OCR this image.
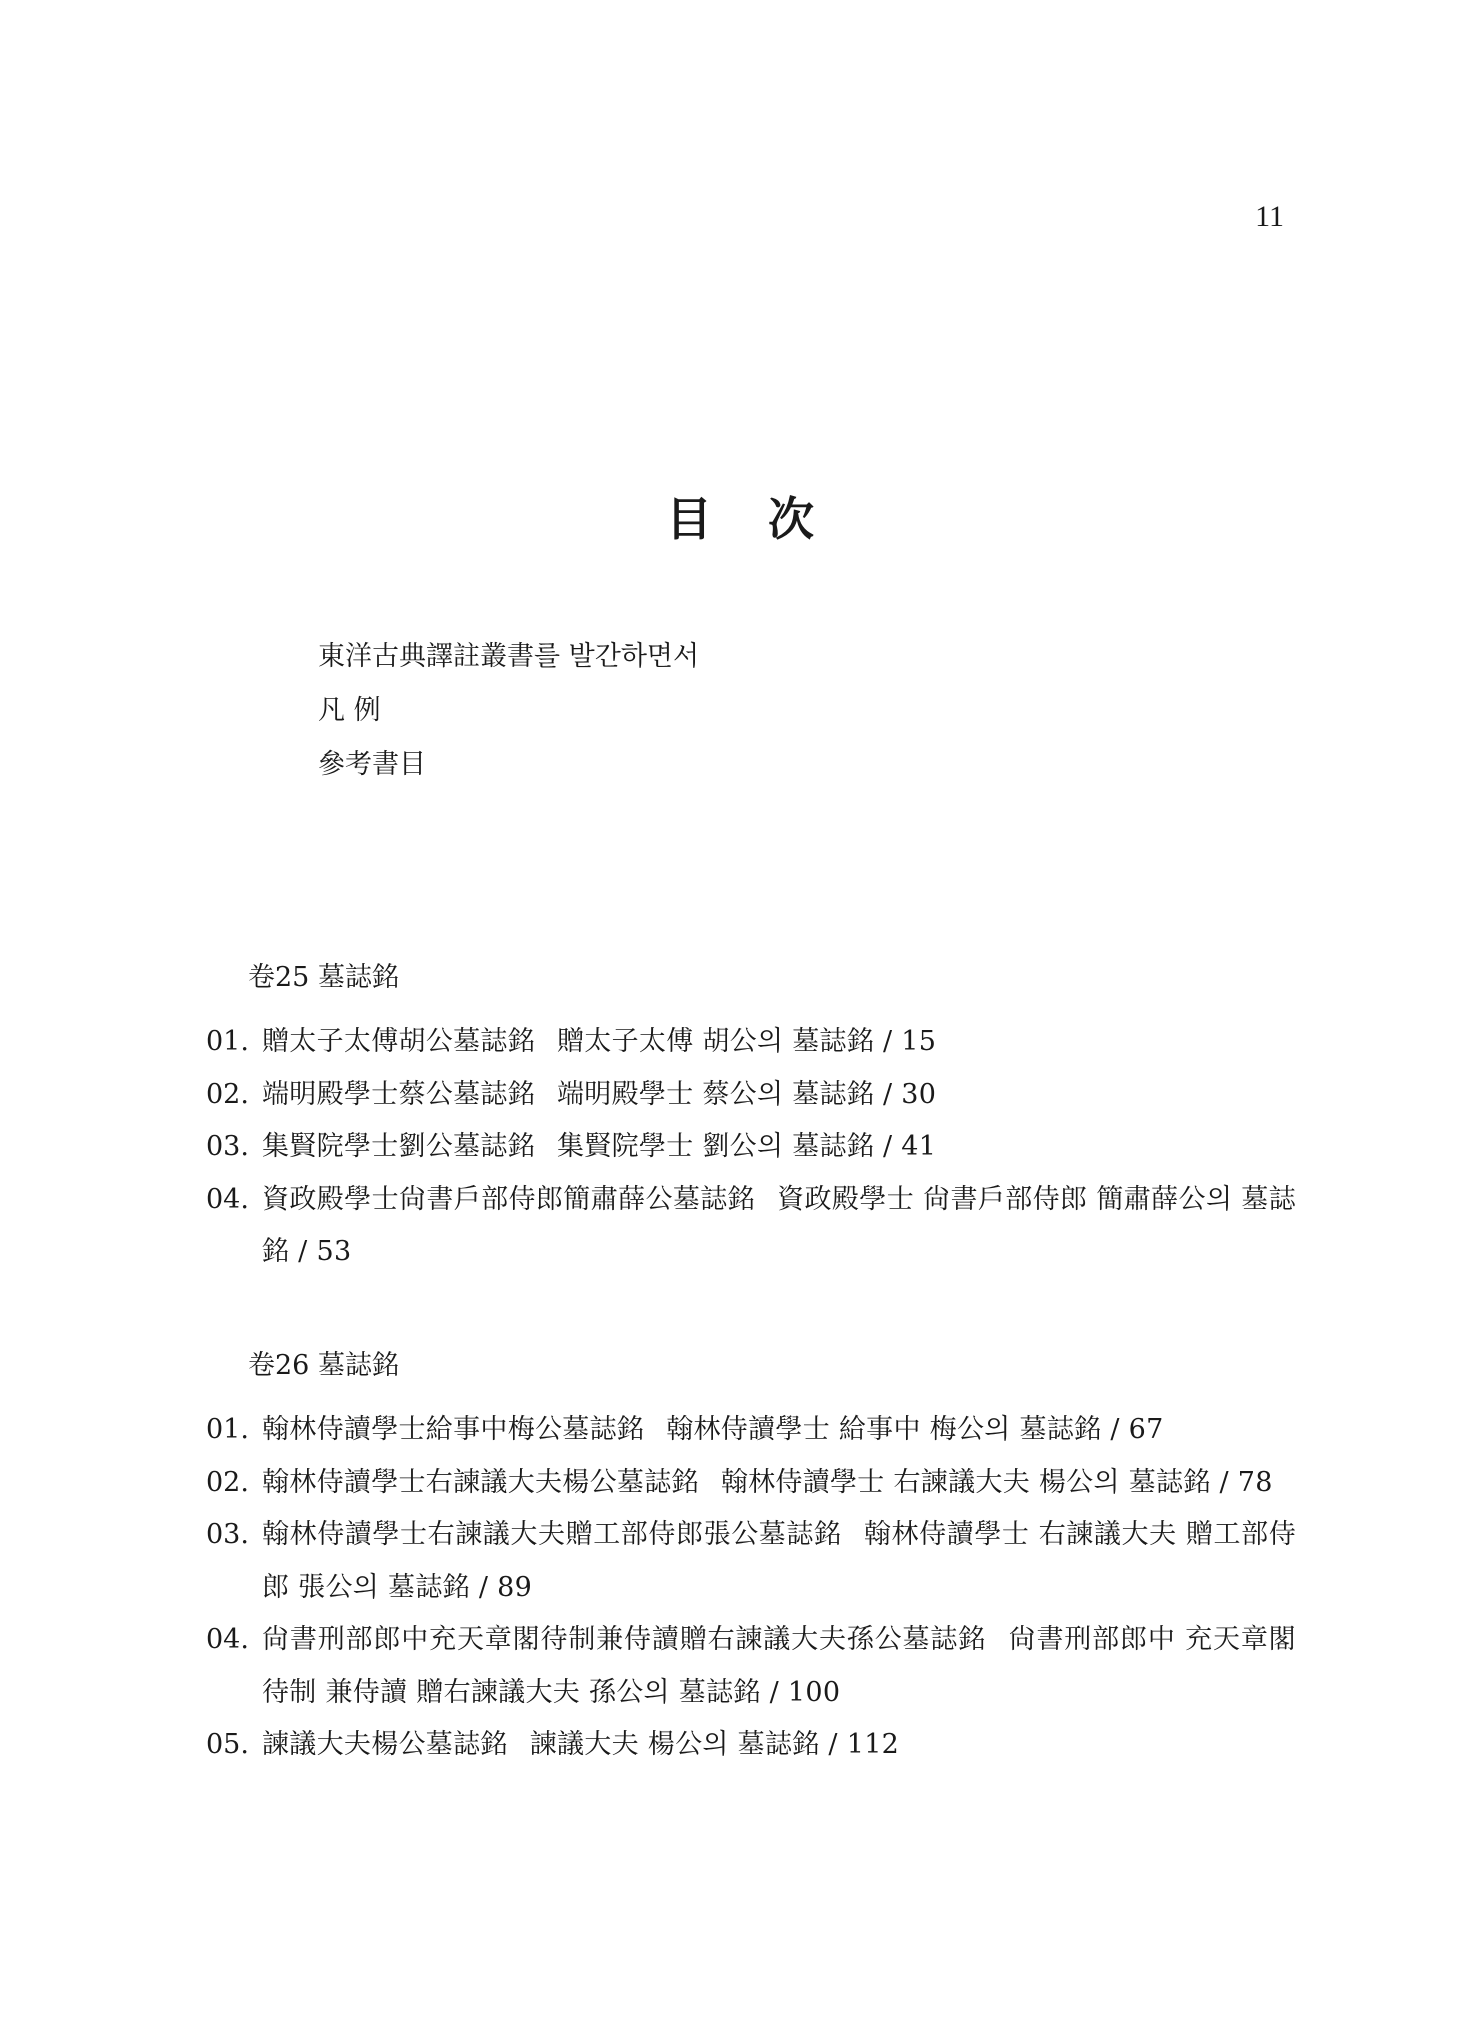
11
目 次
東洋古典譯註叢書를 발간하면서
凡 例
參考書目
卷25 墓誌銘
01. 贈太子太傅胡公墓誌銘 贈太子太傅 胡公의 墓誌銘 / 15
02. 端明殿學士蔡公墓誌銘 端明殿學士 蔡公의 墓誌銘 / 30
03. 集賢院學士劉公墓誌銘 集賢院學士 劉公의 墓誌銘 / 41
04. 資政殿學士尙書戶部侍郎簡肅薛公墓誌銘 資政殿學士 尙書戶部侍郎 簡肅薛公의 墓誌銘 / 53
卷26 墓誌銘
01. 翰林侍讀學士給事中梅公墓誌銘 翰林侍讀學士 給事中 梅公의 墓誌銘 / 67
02. 翰林侍讀學士右諫議大夫楊公墓誌銘 翰林侍讀學士 右諫議大夫 楊公의 墓誌銘 / 78
03. 翰林侍讀學士右諫議大夫贈工部侍郎張公墓誌銘 翰林侍讀學士 右諫議大夫 贈工部侍郎 張公의 墓誌銘 / 89
04. 尙書刑部郎中充天章閣待制兼侍讀贈右諫議大夫孫公墓誌銘 尙書刑部郎中 充天章閣待制 兼侍讀 贈右諫議大夫 孫公의 墓誌銘 / 100
05. 諫議大夫楊公墓誌銘 諫議大夫 楊公의 墓誌銘 / 112
